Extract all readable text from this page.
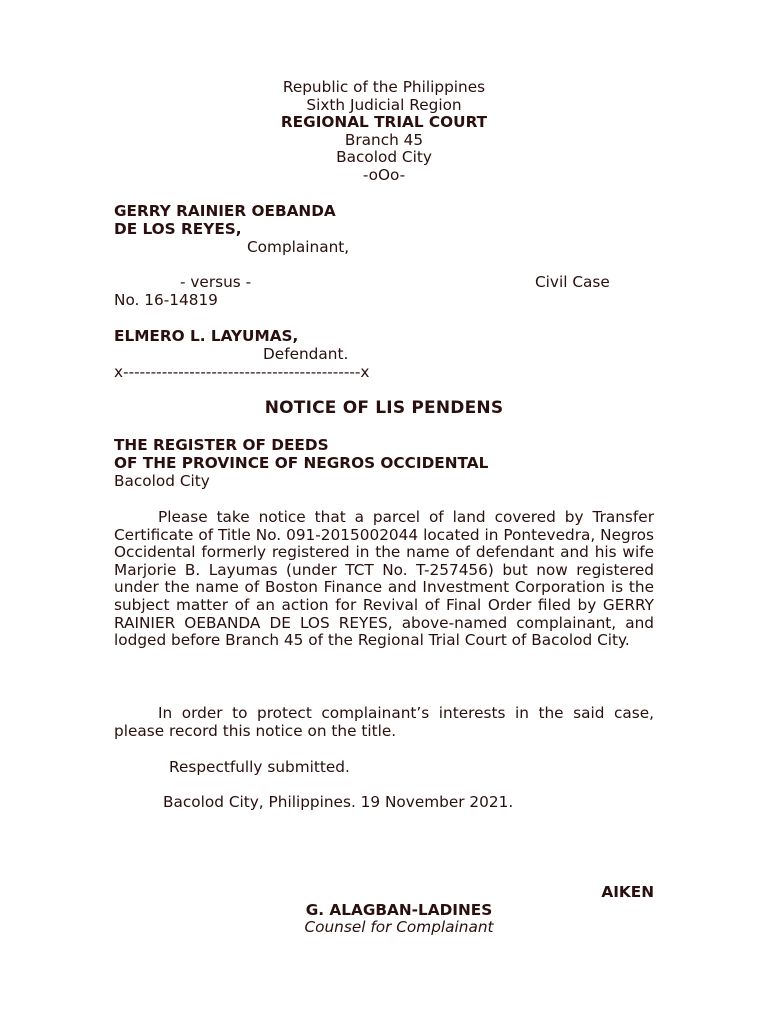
Republic of the Philippines
Sixth Judicial Region
REGIONAL TRIAL COURT
Branch 45
Bacolod City
-oOo-
GERRY RAINIER OEBANDA
DE LOS REYES,
Complainant,
- versus -	Civil Case
No. 16-14819
ELMERO L. LAYUMAS,
Defendant.
x-------------------------------------------x
NOTICE OF LIS PENDENS
THE REGISTER OF DEEDS
OF THE PROVINCE OF NEGROS OCCIDENTAL
Bacolod City
Please take notice that a parcel of land covered by Transfer Certificate of Title No. 091-2015002044 located in Pontevedra, Negros Occidental formerly registered in the name of defendant and his wife Marjorie B. Layumas (under TCT No. T-257456) but now registered under the name of Boston Finance and Investment Corporation is the subject matter of an action for Revival of Final Order filed by GERRY RAINIER OEBANDA DE LOS REYES, above-named complainant, and lodged before Branch 45 of the Regional Trial Court of Bacolod City.
In order to protect complainant’s interests in the said case, please record this notice on the title.
Respectfully submitted.
Bacolod City, Philippines. 19 November 2021.
AIKEN
G. ALAGBAN-LADINES
Counsel for Complainant
